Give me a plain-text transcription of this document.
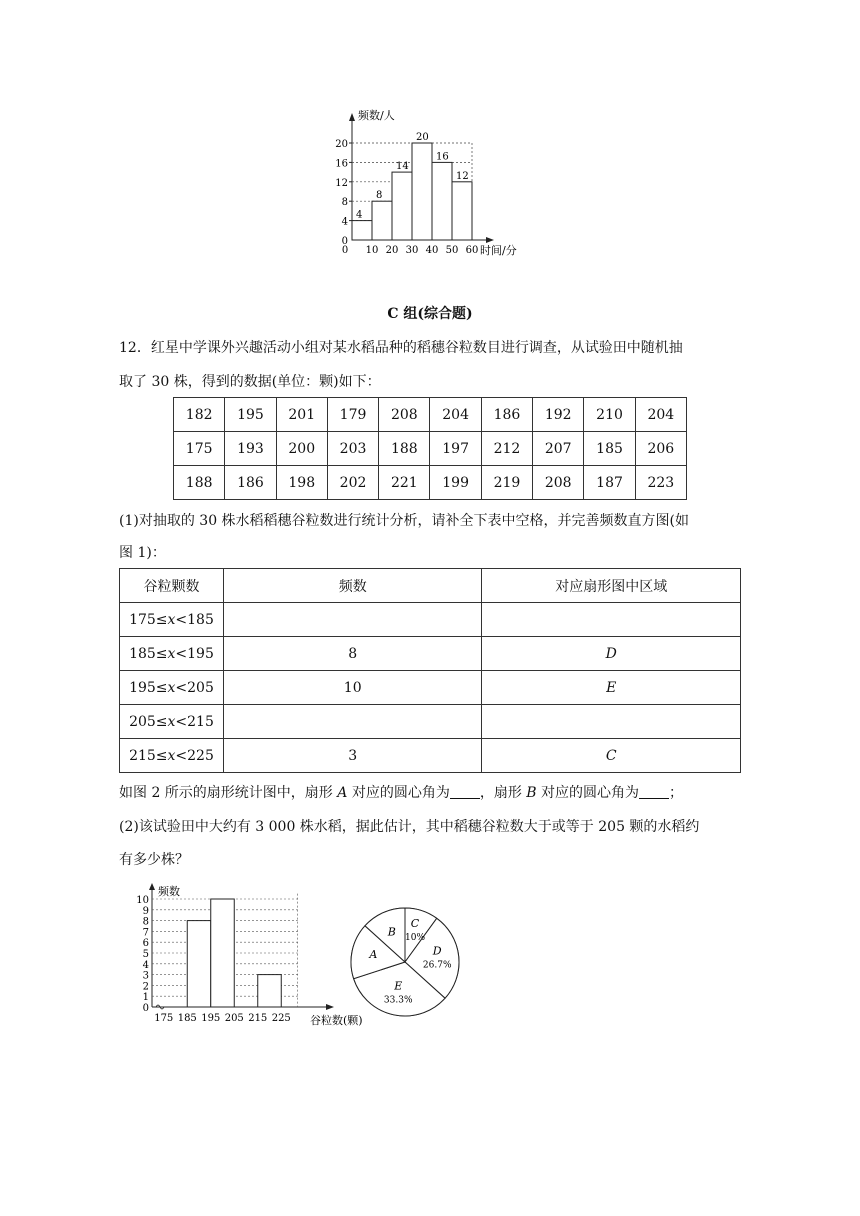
频数/人
时间/分
4
8
14
20
16
12
0 10 20 30 40 50 60
0
4
8
12
16
20
C 组(综合题)
12．红星中学课外兴趣活动小组对某水稻品种的稻穗谷粒数目进行调查，从试验田中随机抽
取了 30 株，得到的数据(单位：颗)如下：
182	195	201	179	208	204	186	192	210	204
175	193	200	203	188	197	212	207	185	206
188	186	198	202	221	199	219	208	187	223
(1)对抽取的 30 株水稻稻穗谷粒数进行统计分析，请补全下表中空格，并完善频数直方图(如
图 1)：
谷粒颗数	频数	对应扇形图中区域
175≤x<185		
185≤x<195	8	D
195≤x<205	10	E
205≤x<215		
215≤x<225	3	C
如图 2 所示的扇形统计图中，扇形 A 对应的圆心角为 ，扇形 B 对应的圆心角为 ；
(2)该试验田中大约有 3 000 株水稻，据此估计，其中稻穗谷粒数大于或等于 205 颗的水稻约
有多少株？
频数
谷粒数(颗)
175 185 195 205 215 225
0
1
2
3
4
5
6
7
8
9
10
C
10%
D
26.7%
E
33.3%
A
B
